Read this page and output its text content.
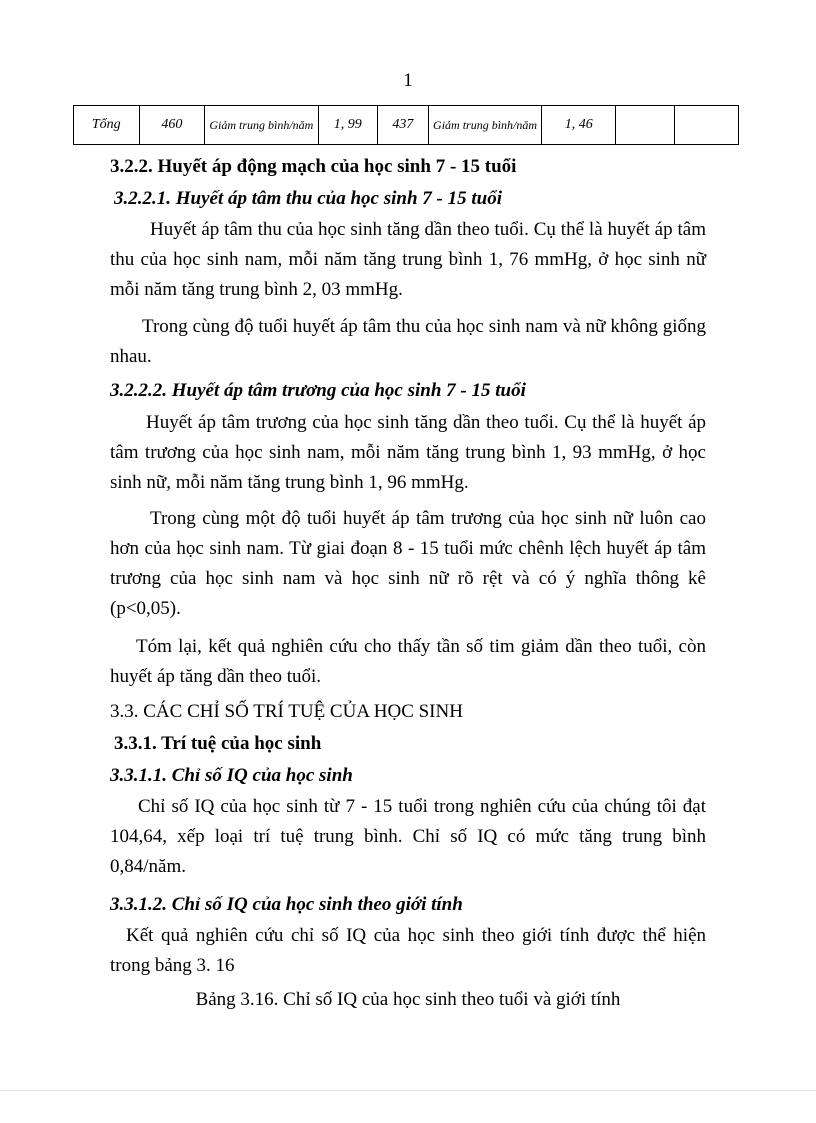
1
Tổng	460	Giảm trung bình/năm	1, 99	437	Giảm trung bình/năm	1, 46		
3.2.2. Huyết áp động mạch của học sinh 7 - 15 tuổi
3.2.2.1. Huyết áp tâm thu của học sinh 7 - 15 tuổi
Huyết áp tâm thu của học sinh tăng dần theo tuổi. Cụ thể là huyết áp tâm thu của học sinh nam, mỗi năm tăng trung bình 1, 76 mmHg, ở học sinh nữ mỗi năm tăng trung bình 2, 03 mmHg.
Trong cùng độ tuổi huyết áp tâm thu của học sinh nam và nữ không giống nhau.
3.2.2.2. Huyết áp tâm trương của học sinh 7 - 15 tuổi
Huyết áp tâm trương của học sinh tăng dần theo tuổi. Cụ thể là huyết áp tâm trương của học sinh nam, mỗi năm tăng trung bình 1, 93 mmHg, ở học sinh nữ, mỗi năm tăng trung bình 1, 96 mmHg.
Trong cùng một độ tuổi huyết áp tâm trương của học sinh nữ luôn cao hơn của học sinh nam. Từ giai đoạn 8 - 15 tuổi mức chênh lệch huyết áp tâm trương của học sinh nam và học sinh nữ rõ rệt và có ý nghĩa thông kê (p<0,05).
Tóm lại, kết quả nghiên cứu cho thấy tần số tim giảm dần theo tuổi, còn huyết áp tăng dần theo tuổi.
3.3. CÁC CHỈ SỐ TRÍ TUỆ CỦA HỌC SINH
3.3.1. Trí tuệ của học sinh
3.3.1.1. Chỉ số IQ của học sinh
Chỉ số IQ của học sinh từ 7 - 15 tuổi trong nghiên cứu của chúng tôi đạt 104,64, xếp loại trí tuệ trung bình. Chỉ số IQ có mức tăng trung bình 0,84/năm.
3.3.1.2. Chỉ số IQ của học sinh theo giới tính
Kết quả nghiên cứu chỉ số IQ của học sinh theo giới tính được thể hiện trong bảng 3. 16
Bảng 3.16. Chỉ số IQ của học sinh theo tuổi và giới tính
